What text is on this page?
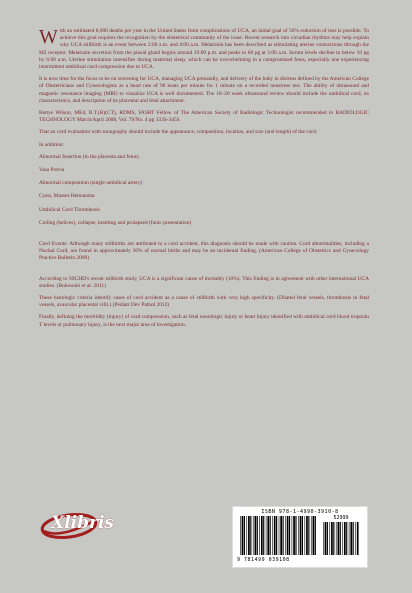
With an estimated 8,000 deaths per year in the United States from complications of UCA, an initial goal of 50% reduction of loss is possible. To achieve this goal requires the recognition by the obstetrical community of the issue. Recent research into circadian rhythms may help explain why UCA stillbirth is an event between 2:00 a.m. and 4:00 a.m. Melatonin has been described as stimulating uterine contractions through the M2 receptor. Melatonin secretion from the pineal gland begins around 10:00 p.m. and peaks to 60 pg at 3:00 a.m. Serum levels decline to below 10 pg by 6:00 a.m. Uterine stimulation intensifies during maternal sleep, which can be overwhelming to a compromised fetus, especially one experiencing intermittent umbilical cord compression due to UCA.

It is now time for the focus to be on screening for UCA, managing UCA prenatally, and delivery of the baby in distress defined by the American College of Obstetricians and Gynecologists as a heart rate of 90 beats per minute for 1 minute on a recorded nonstress test. The ability of ultrasound and magnetic resonance imaging (MRI) to visualize UCA is well documented. The 18–20 week ultrasound review should include the umbilical cord, its characteristics, and description of its placental and fetal attachment.

Bettye Wilson, MEd, R.T.(R)(CT), RDMS, FASRT Fellow of The American Society of Radiologic Technologist recommended in RADIOLOGIC TECHNOLOGY March/April 2008, Vol. 79/No. 4 pg 333S-345S

That an cord evaluation with sonography should include the appearance, composition, location, and size (and length) of the cord.

In addition:

Abnormal Insertion (in the placenta and fetus)

Vasa Previa

Abnormal composition (single umbilical artery)

Cysts, Masses Hematoma

Umbilical Cord Thrombosis

Coiling (helices), collapse, knotting and prolapsed (funic presentation)

Cord Events: Although many stillbirths are attributed to a cord accident, this diagnosis should be made with caution. Cord abnormalities, including a Nuchal Cord, are found in approximately 30% of normal births and may be an incidental finding. (American College of Obstetrics and Gynecology Practice Bulletin 2009)

According to NICHD's recent stillbirth study, UCA is a significant cause of mortality (10%). This finding is in agreement with other international UCA studies. (Bukowski et al. 2011)

These histologic criteria identify cases of cord accident as a cause of stillbirth with very high specificity. (Dilated fetal vessels, thrombosis in fetal vessels, avascular placental villi.) (Pediatr Dev Pathol 2012)

Finally, defining the morbidity (injury) of cord compression, such as fetal neurologic injury or heart injury identified with umbilical cord blood troponin T levels or pulmonary injury, is the next major area of investigation.

Xlibris
ISBN 978-1-4990-3910-8
52999
9 781499 039108
